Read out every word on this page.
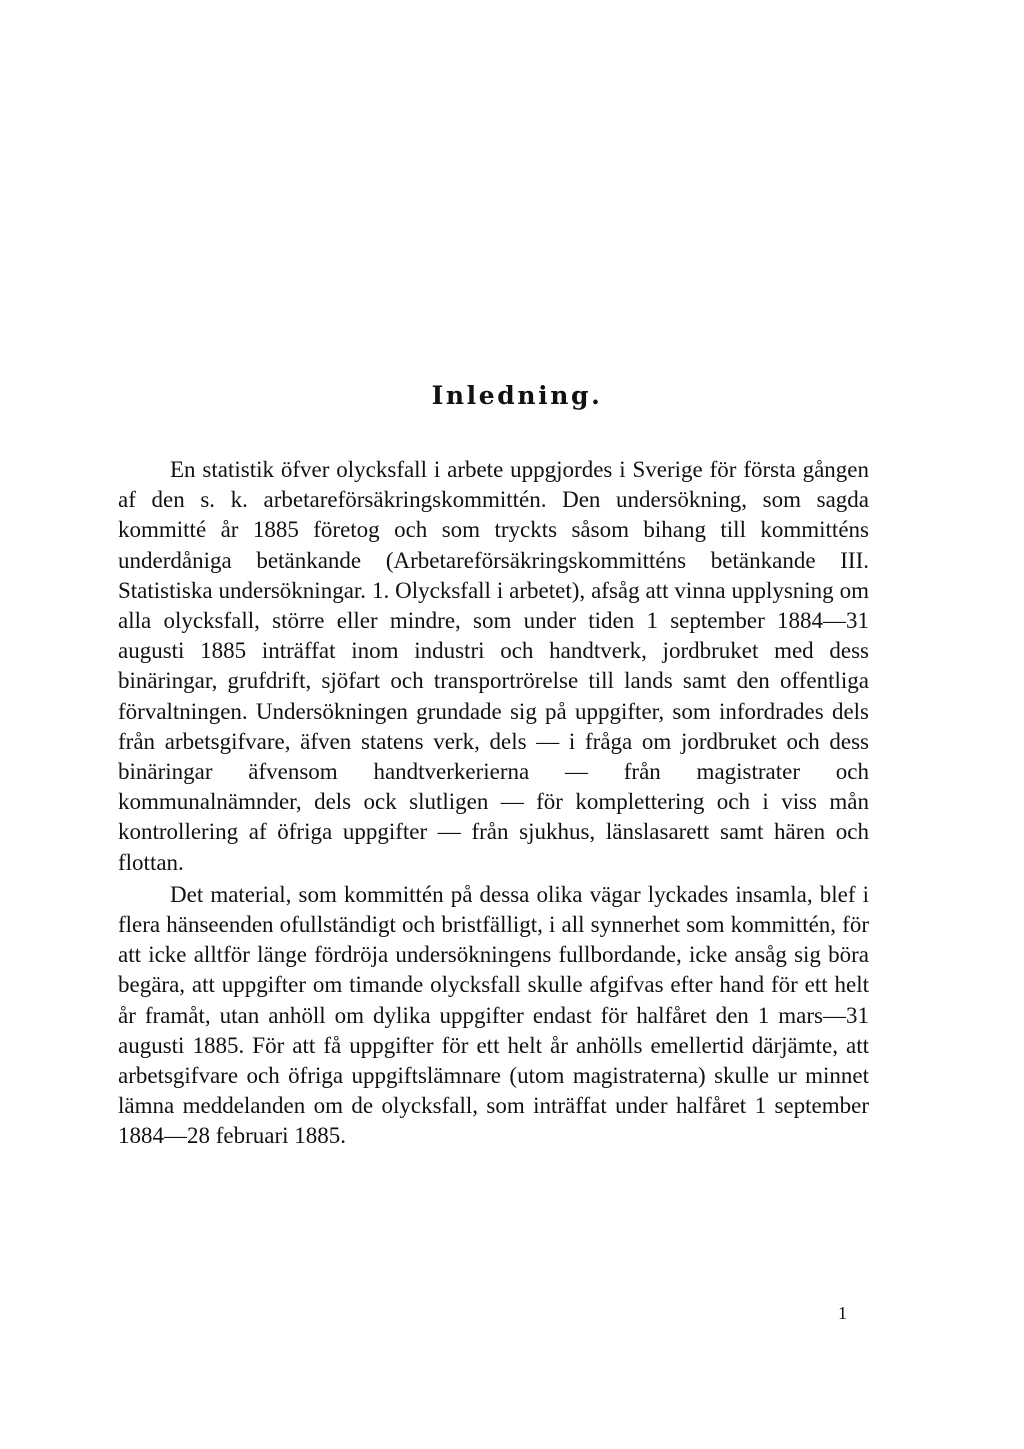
Inledning.

En statistik öfver olycksfall i arbete uppgjordes i Sverige för första gången af den s. k. arbetareförsäkringskommittén. Den undersökning, som sagda kommitté år 1885 företog och som tryckts såsom bihang till kommitténs underdåniga betänkande (Arbetareförsäkringskommitténs betänkande III. Statistiska undersökningar. 1. Olycksfall i arbetet), afsåg att vinna upplysning om alla olycksfall, större eller mindre, som under tiden 1 september 1884—31 augusti 1885 inträffat inom industri och handtverk, jordbruket med dess binäringar, grufdrift, sjöfart och transportrörelse till lands samt den offentliga förvaltningen. Undersökningen grundade sig på uppgifter, som infordrades dels från arbetsgifvare, äfven statens verk, dels — i fråga om jordbruket och dess binäringar äfvensom handtverkerierna — från magistrater och kommunalnämnder, dels ock slutligen — för komplettering och i viss mån kontrollering af öfriga uppgifter — från sjukhus, länslasarett samt hären och flottan.

Det material, som kommittén på dessa olika vägar lyckades insamla, blef i flera hänseenden ofullständigt och bristfälligt, i all synnerhet som kommittén, för att icke alltför länge fördröja undersökningens fullbordande, icke ansåg sig böra begära, att uppgifter om timande olycksfall skulle afgifvas efter hand för ett helt år framåt, utan anhöll om dylika uppgifter endast för halfåret den 1 mars—31 augusti 1885. För att få uppgifter för ett helt år anhölls emellertid därjämte, att arbetsgifvare och öfriga uppgiftslämnare (utom magistraterna) skulle ur minnet lämna meddelanden om de olycksfall, som inträffat under halfåret 1 september 1884—28 februari 1885.

1
